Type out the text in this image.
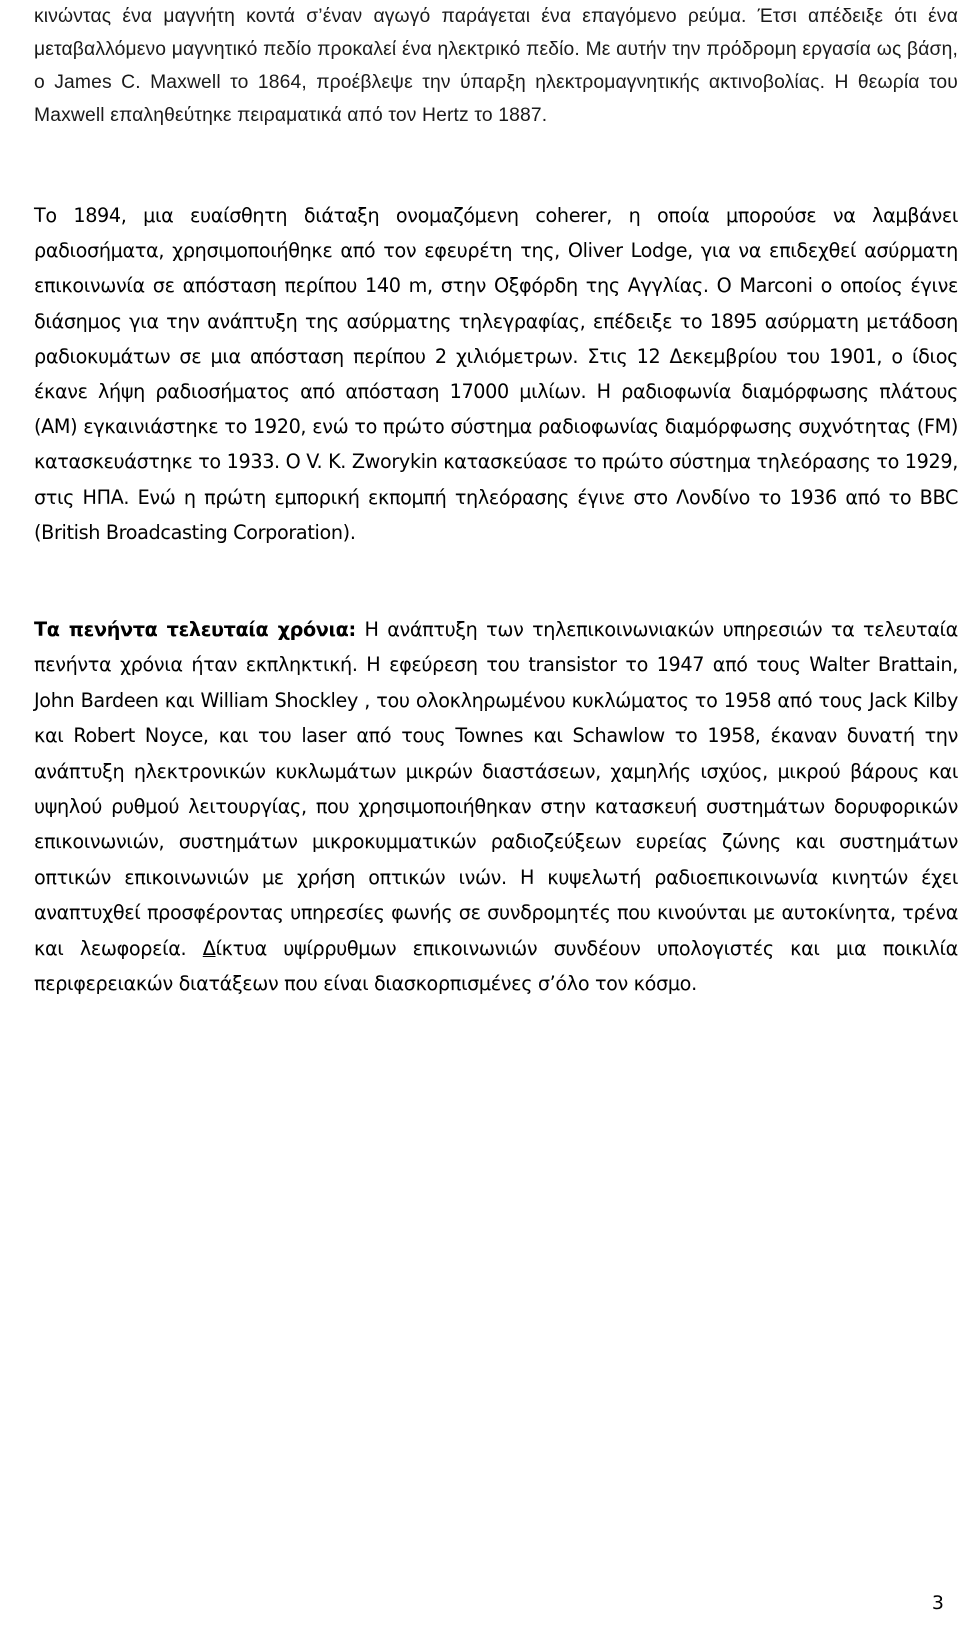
κινώντας ένα μαγνήτη κοντά σ’έναν αγωγό παράγεται ένα επαγόμενο ρεύμα. Έτσι απέδειξε ότι ένα μεταβαλλόμενο μαγνητικό πεδίο προκαλεί ένα ηλεκτρικό πεδίο. Με αυτήν την πρόδρομη εργασία ως βάση, ο James C. Maxwell το 1864, προέβλεψε την ύπαρξη ηλεκτρομαγνητικής ακτινοβολίας. Η θεωρία του Maxwell επαληθεύτηκε πειραματικά από τον Hertz το 1887.

Το 1894, μια ευαίσθητη διάταξη ονομαζόμενη coherer, η οποία μπορούσε να λαμβάνει ραδιοσήματα, χρησιμοποιήθηκε από τον εφευρέτη της, Oliver Lodge, για να επιδεχθεί ασύρματη επικοινωνία σε απόσταση περίπου 140 m, στην Οξφόρδη της Αγγλίας. Ο Marconi ο οποίος έγινε διάσημος για την ανάπτυξη της ασύρματης τηλεγραφίας, επέδειξε το 1895 ασύρματη μετάδοση ραδιοκυμάτων σε μια απόσταση περίπου 2 χιλιόμετρων. Στις 12 Δεκεμβρίου του 1901, ο ίδιος έκανε λήψη ραδιοσήματος από απόσταση 17000 μιλίων. Η ραδιοφωνία διαμόρφωσης πλάτους (AM) εγκαινιάστηκε το 1920, ενώ το πρώτο σύστημα ραδιοφωνίας διαμόρφωσης συχνότητας (FM) κατασκευάστηκε το 1933. Ο V. K. Zworykin κατασκεύασε το πρώτο σύστημα τηλεόρασης το 1929, στις ΗΠΑ. Ενώ η πρώτη εμπορική εκπομπή τηλεόρασης έγινε στο Λονδίνο το 1936 από το BBC (British Broadcasting Corporation).

Τα πενήντα τελευταία χρόνια: Η ανάπτυξη των τηλεπικοινωνιακών υπηρεσιών τα τελευταία πενήντα χρόνια ήταν εκπληκτική. Η εφεύρεση του transistor το 1947 από τους Walter Brattain, John Bardeen και William Shockley , του ολοκληρωμένου κυκλώματος το 1958 από τους Jack Kilby και Robert Noyce, και του laser από τους Townes και Schawlow το 1958, έκαναν δυνατή την ανάπτυξη ηλεκτρονικών κυκλωμάτων μικρών διαστάσεων, χαμηλής ισχύος, μικρού βάρους και υψηλού ρυθμού λειτουργίας, που χρησιμοποιήθηκαν στην κατασκευή συστημάτων δορυφορικών επικοινωνιών, συστημάτων μικροκυμματικών ραδιοζεύξεων ευρείας ζώνης και συστημάτων οπτικών επικοινωνιών με χρήση οπτικών ινών. Η κυψελωτή ραδιοεπικοινωνία κινητών έχει αναπτυχθεί προσφέροντας υπηρεσίες φωνής σε συνδρομητές που κινούνται με αυτοκίνητα, τρένα και λεωφορεία. Δίκτυα υψίρρυθμων επικοινωνιών συνδέουν υπολογιστές και μια ποικιλία περιφερειακών διατάξεων που είναι διασκορπισμένες σ’όλο τον κόσμο.

3
